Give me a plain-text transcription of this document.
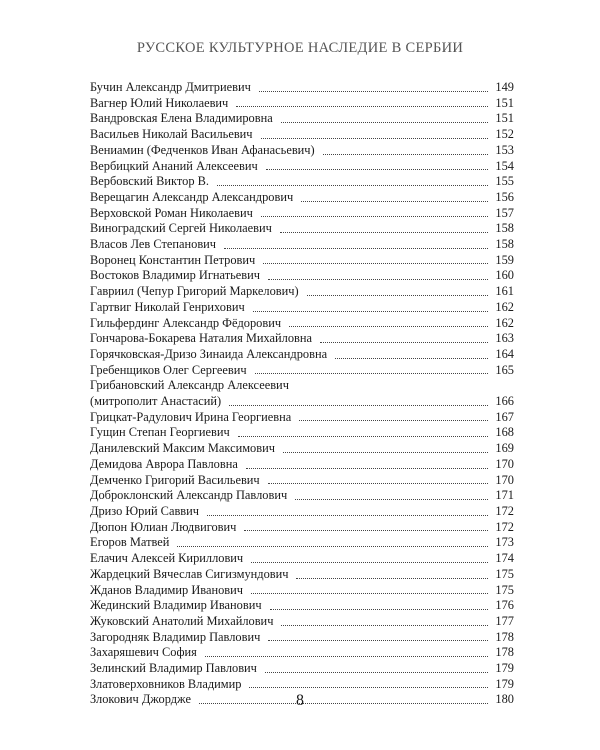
РУССКОЕ КУЛЬТУРНОЕ НАСЛЕДИЕ В СЕРБИИ
Бучин Александр Дмитриевич	149
Вагнер Юлий Николаевич	151
Вандровская Елена Владимировна	151
Васильев Николай Васильевич	152
Вениамин (Федченков Иван Афанасьевич)	153
Вербицкий Ананий Алексеевич	154
Вербовский Виктор В.	155
Верещагин Александр Александрович	156
Верховской Роман Николаевич	157
Виноградский Сергей Николаевич	158
Власов Лев Степанович	158
Воронец Константин Петрович	159
Востоков Владимир Игнатьевич	160
Гавриил (Чепур Григорий Маркелович)	161
Гартвиг Николай Генрихович	162
Гильфердинг Александр Фёдорович	162
Гончарова-Бокарева Наталия Михайловна	163
Горячковская-Дризо Зинаида Александровна	164
Гребенщиков Олег Сергеевич	165
Грибановский Александр Алексеевич
(митрополит Анастасий)	166
Грицкат-Радулович Ирина Георгиевна	167
Гущин Степан Георгиевич	168
Данилевский Максим Максимович	169
Демидова Аврора Павловна	170
Демченко Григорий Васильевич	170
Доброклонский Александр Павлович	171
Дризо Юрий Саввич	172
Дюпон Юлиан Людвигович	172
Егоров Матвей	173
Елачич Алексей Кириллович	174
Жардецкий Вячеслав Сигизмундович	175
Жданов Владимир Иванович	175
Жединский Владимир Иванович	176
Жуковский Анатолий Михайлович	177
Загородняк Владимир Павлович	178
Захаряшевич София	178
Зелинский Владимир Павлович	179
Златоверховников Владимир	179
Злокович Джордже	180
8
